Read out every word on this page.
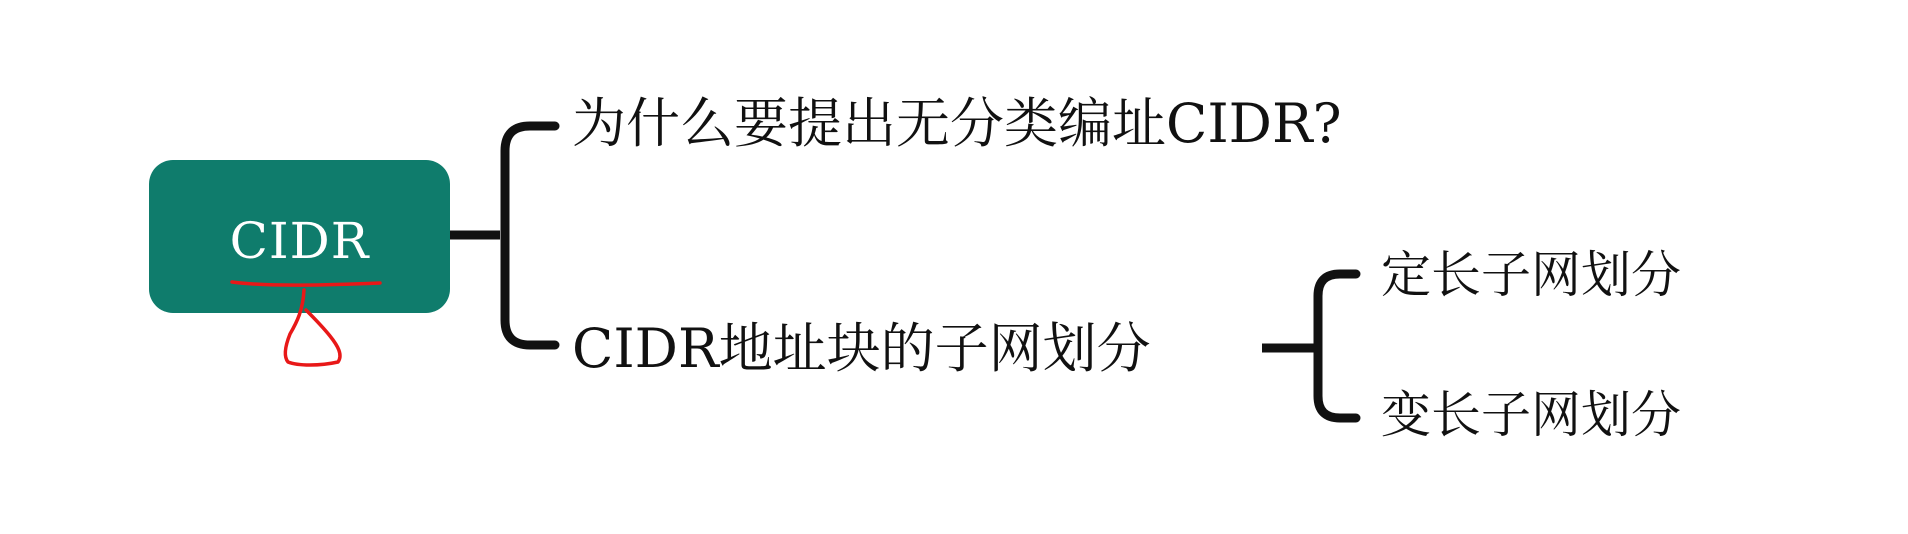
CIDR
为什么要提出无分类编址CIDR?
CIDR地址块的子网划分
定长子网划分
变长子网划分
